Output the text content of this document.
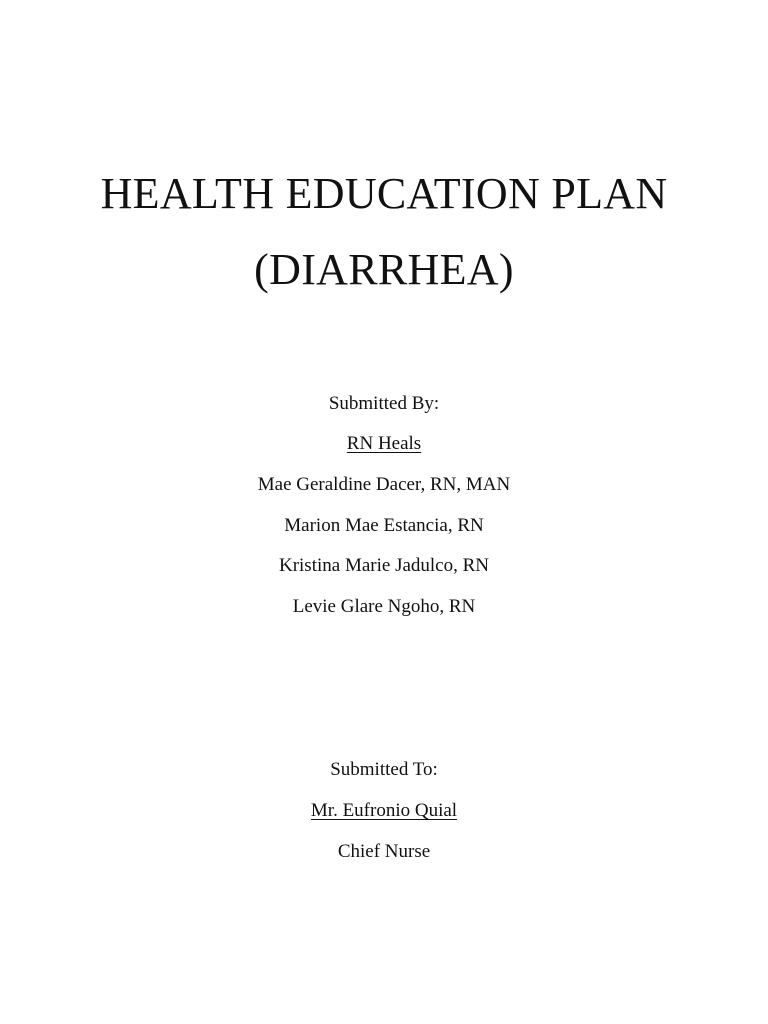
HEALTH EDUCATION PLAN
(DIARRHEA)

Submitted By:

RN Heals

Mae Geraldine Dacer, RN, MAN

Marion Mae Estancia, RN

Kristina Marie Jadulco, RN

Levie Glare Ngoho, RN

Submitted To:

Mr. Eufronio Quial

Chief Nurse
